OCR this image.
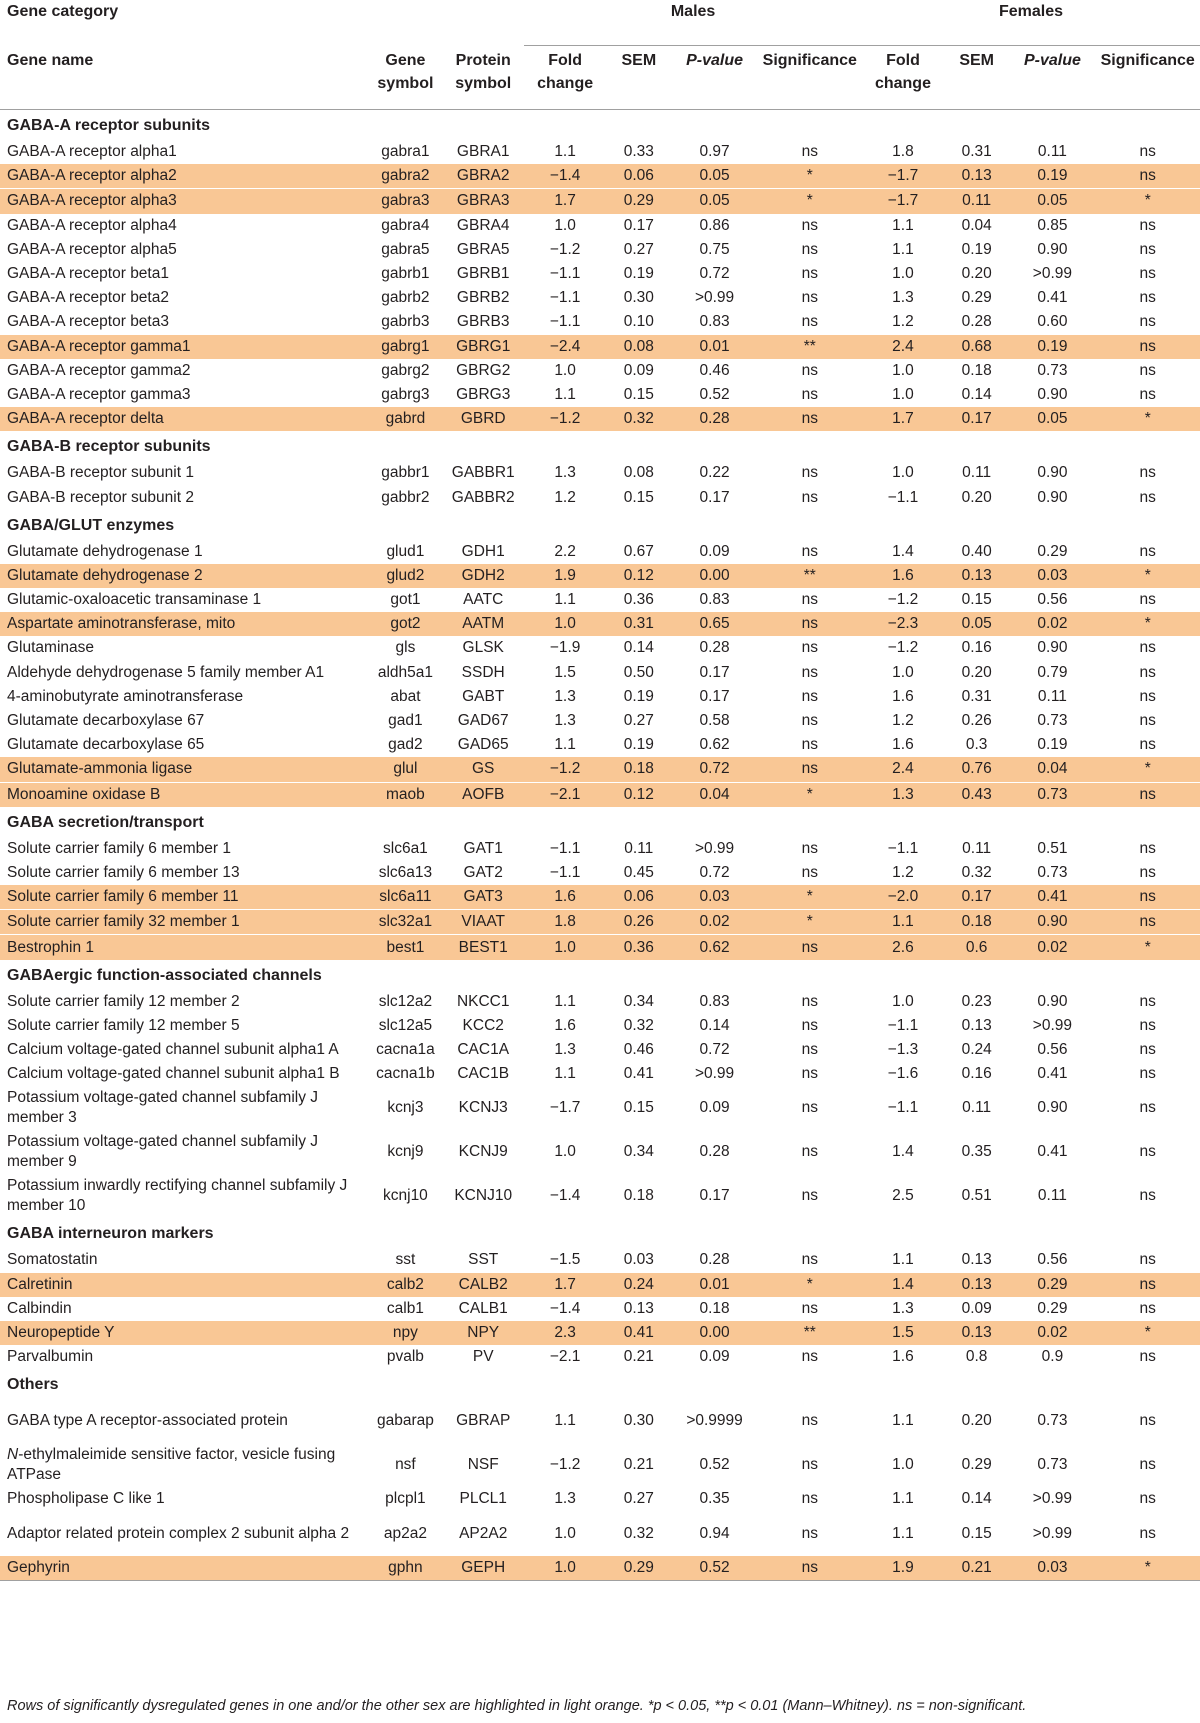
Gene category			Males				Females			
Gene name	Gene symbol	Protein symbol	Fold change	SEM	P-value	Significance	Fold change	SEM	P-value	Significance
GABA-A receptor subunits										
GABA-A receptor alpha1	gabra1	GBRA1	1.1	0.33	0.97	ns	1.8	0.31	0.11	ns
GABA-A receptor alpha2	gabra2	GBRA2	−1.4	0.06	0.05	*	−1.7	0.13	0.19	ns
GABA-A receptor alpha3	gabra3	GBRA3	1.7	0.29	0.05	*	−1.7	0.11	0.05	*
GABA-A receptor alpha4	gabra4	GBRA4	1.0	0.17	0.86	ns	1.1	0.04	0.85	ns
GABA-A receptor alpha5	gabra5	GBRA5	−1.2	0.27	0.75	ns	1.1	0.19	0.90	ns
GABA-A receptor beta1	gabrb1	GBRB1	−1.1	0.19	0.72	ns	1.0	0.20	>0.99	ns
GABA-A receptor beta2	gabrb2	GBRB2	−1.1	0.30	>0.99	ns	1.3	0.29	0.41	ns
GABA-A receptor beta3	gabrb3	GBRB3	−1.1	0.10	0.83	ns	1.2	0.28	0.60	ns
GABA-A receptor gamma1	gabrg1	GBRG1	−2.4	0.08	0.01	**	2.4	0.68	0.19	ns
GABA-A receptor gamma2	gabrg2	GBRG2	1.0	0.09	0.46	ns	1.0	0.18	0.73	ns
GABA-A receptor gamma3	gabrg3	GBRG3	1.1	0.15	0.52	ns	1.0	0.14	0.90	ns
GABA-A receptor delta	gabrd	GBRD	−1.2	0.32	0.28	ns	1.7	0.17	0.05	*
GABA-B receptor subunits										
GABA-B receptor subunit 1	gabbr1	GABBR1	1.3	0.08	0.22	ns	1.0	0.11	0.90	ns
GABA-B receptor subunit 2	gabbr2	GABBR2	1.2	0.15	0.17	ns	−1.1	0.20	0.90	ns
GABA/GLUT enzymes										
Glutamate dehydrogenase 1	glud1	GDH1	2.2	0.67	0.09	ns	1.4	0.40	0.29	ns
Glutamate dehydrogenase 2	glud2	GDH2	1.9	0.12	0.00	**	1.6	0.13	0.03	*
Glutamic-oxaloacetic transaminase 1	got1	AATC	1.1	0.36	0.83	ns	−1.2	0.15	0.56	ns
Aspartate aminotransferase, mito	got2	AATM	1.0	0.31	0.65	ns	−2.3	0.05	0.02	*
Glutaminase	gls	GLSK	−1.9	0.14	0.28	ns	−1.2	0.16	0.90	ns
Aldehyde dehydrogenase 5 family member A1	aldh5a1	SSDH	1.5	0.50	0.17	ns	1.0	0.20	0.79	ns
4-aminobutyrate aminotransferase	abat	GABT	1.3	0.19	0.17	ns	1.6	0.31	0.11	ns
Glutamate decarboxylase 67	gad1	GAD67	1.3	0.27	0.58	ns	1.2	0.26	0.73	ns
Glutamate decarboxylase 65	gad2	GAD65	1.1	0.19	0.62	ns	1.6	0.3	0.19	ns
Glutamate-ammonia ligase	glul	GS	−1.2	0.18	0.72	ns	2.4	0.76	0.04	*
Monoamine oxidase B	maob	AOFB	−2.1	0.12	0.04	*	1.3	0.43	0.73	ns
GABA secretion/transport										
Solute carrier family 6 member 1	slc6a1	GAT1	−1.1	0.11	>0.99	ns	−1.1	0.11	0.51	ns
Solute carrier family 6 member 13	slc6a13	GAT2	−1.1	0.45	0.72	ns	1.2	0.32	0.73	ns
Solute carrier family 6 member 11	slc6a11	GAT3	1.6	0.06	0.03	*	−2.0	0.17	0.41	ns
Solute carrier family 32 member 1	slc32a1	VIAAT	1.8	0.26	0.02	*	1.1	0.18	0.90	ns
Bestrophin 1	best1	BEST1	1.0	0.36	0.62	ns	2.6	0.6	0.02	*
GABAergic function-associated channels										
Solute carrier family 12 member 2	slc12a2	NKCC1	1.1	0.34	0.83	ns	1.0	0.23	0.90	ns
Solute carrier family 12 member 5	slc12a5	KCC2	1.6	0.32	0.14	ns	−1.1	0.13	>0.99	ns
Calcium voltage-gated channel subunit alpha1 A	cacna1a	CAC1A	1.3	0.46	0.72	ns	−1.3	0.24	0.56	ns
Calcium voltage-gated channel subunit alpha1 B	cacna1b	CAC1B	1.1	0.41	>0.99	ns	−1.6	0.16	0.41	ns
Potassium voltage-gated channel subfamily J member 3	kcnj3	KCNJ3	−1.7	0.15	0.09	ns	−1.1	0.11	0.90	ns
Potassium voltage-gated channel subfamily J member 9	kcnj9	KCNJ9	1.0	0.34	0.28	ns	1.4	0.35	0.41	ns
Potassium inwardly rectifying channel subfamily J member 10	kcnj10	KCNJ10	−1.4	0.18	0.17	ns	2.5	0.51	0.11	ns
GABA interneuron markers										
Somatostatin	sst	SST	−1.5	0.03	0.28	ns	1.1	0.13	0.56	ns
Calretinin	calb2	CALB2	1.7	0.24	0.01	*	1.4	0.13	0.29	ns
Calbindin	calb1	CALB1	−1.4	0.13	0.18	ns	1.3	0.09	0.29	ns
Neuropeptide Y	npy	NPY	2.3	0.41	0.00	**	1.5	0.13	0.02	*
Parvalbumin	pvalb	PV	−2.1	0.21	0.09	ns	1.6	0.8	0.9	ns
Others										
GABA type A receptor-associated protein	gabarap	GBRAP	1.1	0.30	>0.9999	ns	1.1	0.20	0.73	ns
N-ethylmaleimide sensitive factor, vesicle fusing ATPase	nsf	NSF	−1.2	0.21	0.52	ns	1.0	0.29	0.73	ns
Phospholipase C like 1	plcpl1	PLCL1	1.3	0.27	0.35	ns	1.1	0.14	>0.99	ns
Adaptor related protein complex 2 subunit alpha 2	ap2a2	AP2A2	1.0	0.32	0.94	ns	1.1	0.15	>0.99	ns
Gephyrin	gphn	GEPH	1.0	0.29	0.52	ns	1.9	0.21	0.03	*
Rows of significantly dysregulated genes in one and/or the other sex are highlighted in light orange. *p < 0.05, **p < 0.01 (Mann–Whitney). ns = non-significant.
